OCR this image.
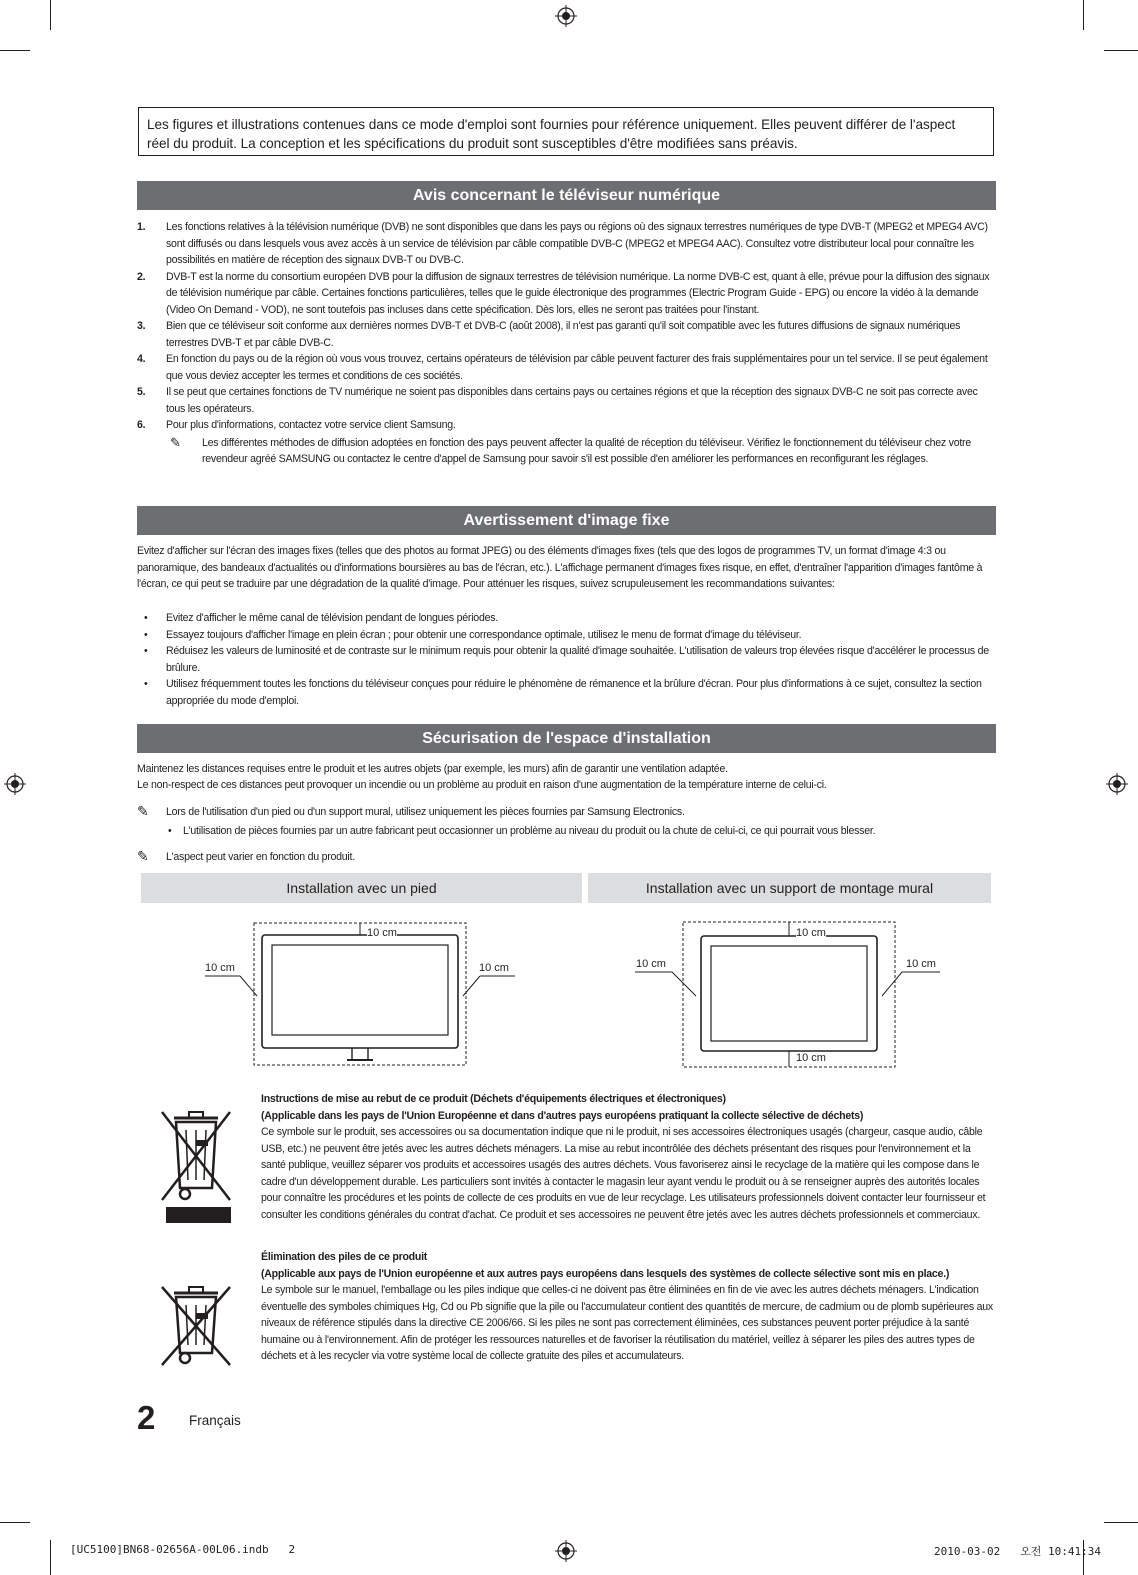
Les figures et illustrations contenues dans ce mode d'emploi sont fournies pour référence uniquement. Elles peuvent différer de l'aspect
réel du produit. La conception et les spécifications du produit sont susceptibles d'être modifiées sans préavis.
Avis concernant le téléviseur numérique
1. Les fonctions relatives à la télévision numérique (DVB) ne sont disponibles que dans les pays ou régions où des signaux terrestres numériques de type DVB-T (MPEG2 et MPEG4 AVC) sont diffusés ou dans lesquels vous avez accès à un service de télévision par câble compatible DVB-C (MPEG2 et MPEG4 AAC). Consultez votre distributeur local pour connaître les possibilités en matière de réception des signaux DVB-T ou DVB-C.
2. DVB-T est la norme du consortium européen DVB pour la diffusion de signaux terrestres de télévision numérique. La norme DVB-C est, quant à elle, prévue pour la diffusion des signaux de télévision numérique par câble. Certaines fonctions particulières, telles que le guide électronique des programmes (Electric Program Guide - EPG) ou encore la vidéo à la demande (Video On Demand - VOD), ne sont toutefois pas incluses dans cette spécification. Dès lors, elles ne seront pas traitées pour l'instant.
3. Bien que ce téléviseur soit conforme aux dernières normes DVB-T et DVB-C (août 2008), il n'est pas garanti qu'il soit compatible avec les futures diffusions de signaux numériques terrestres DVB-T et par câble DVB-C.
4. En fonction du pays ou de la région où vous vous trouvez, certains opérateurs de télévision par câble peuvent facturer des frais supplémentaires pour un tel service. Il se peut également que vous deviez accepter les termes et conditions de ces sociétés.
5. Il se peut que certaines fonctions de TV numérique ne soient pas disponibles dans certains pays ou certaines régions et que la réception des signaux DVB-C ne soit pas correcte avec tous les opérateurs.
6. Pour plus d'informations, contactez votre service client Samsung.
✎ Les différentes méthodes de diffusion adoptées en fonction des pays peuvent affecter la qualité de réception du téléviseur. Vérifiez le fonctionnement du téléviseur chez votre revendeur agréé SAMSUNG ou contactez le centre d'appel de Samsung pour savoir s'il est possible d'en améliorer les performances en reconfigurant les réglages.
Avertissement d'image fixe
Evitez d'afficher sur l'écran des images fixes (telles que des photos au format JPEG) ou des éléments d'images fixes (tels que des logos de programmes TV, un format d'image 4:3 ou panoramique, des bandeaux d'actualités ou d'informations boursières au bas de l'écran, etc.). L'affichage permanent d'images fixes risque, en effet, d'entraîner l'apparition d'images fantôme à l'écran, ce qui peut se traduire par une dégradation de la qualité d'image. Pour atténuer les risques, suivez scrupuleusement les recommandations suivantes:
• Evitez d'afficher le même canal de télévision pendant de longues périodes.
• Essayez toujours d'afficher l'image en plein écran ; pour obtenir une correspondance optimale, utilisez le menu de format d'image du téléviseur.
• Réduisez les valeurs de luminosité et de contraste sur le minimum requis pour obtenir la qualité d'image souhaitée. L'utilisation de valeurs trop élevées risque d'accélérer le processus de brûlure.
• Utilisez fréquemment toutes les fonctions du téléviseur conçues pour réduire le phénomène de rémanence et la brûlure d'écran. Pour plus d'informations à ce sujet, consultez la section appropriée du mode d'emploi.
Sécurisation de l'espace d'installation
Maintenez les distances requises entre le produit et les autres objets (par exemple, les murs) afin de garantir une ventilation adaptée.
Le non-respect de ces distances peut provoquer un incendie ou un problème au produit en raison d'une augmentation de la température interne de celui-ci.
✎ Lors de l'utilisation d'un pied ou d'un support mural, utilisez uniquement les pièces fournies par Samsung Electronics.
• L'utilisation de pièces fournies par un autre fabricant peut occasionner un problème au niveau du produit ou la chute de celui-ci, ce qui pourrait vous blesser.
✎ L'aspect peut varier en fonction du produit.
Installation avec un pied	Installation avec un support de montage mural
10 cm
10 cm	10 cm
10 cm
10 cm	10 cm
10 cm
Instructions de mise au rebut de ce produit (Déchets d'équipements électriques et électroniques)
(Applicable dans les pays de l'Union Européenne et dans d'autres pays européens pratiquant la collecte sélective de déchets)
Ce symbole sur le produit, ses accessoires ou sa documentation indique que ni le produit, ni ses accessoires électroniques usagés (chargeur, casque audio, câble USB, etc.) ne peuvent être jetés avec les autres déchets ménagers. La mise au rebut incontrôlée des déchets présentant des risques pour l'environnement et la santé publique, veuillez séparer vos produits et accessoires usagés des autres déchets. Vous favoriserez ainsi le recyclage de la matière qui les compose dans le cadre d'un développement durable. Les particuliers sont invités à contacter le magasin leur ayant vendu le produit ou à se renseigner auprès des autorités locales pour connaître les procédures et les points de collecte de ces produits en vue de leur recyclage. Les utilisateurs professionnels doivent contacter leur fournisseur et consulter les conditions générales du contrat d'achat. Ce produit et ses accessoires ne peuvent être jetés avec les autres déchets professionnels et commerciaux.
Élimination des piles de ce produit
(Applicable aux pays de l'Union européenne et aux autres pays européens dans lesquels des systèmes de collecte sélective sont mis en place.)
Le symbole sur le manuel, l'emballage ou les piles indique que celles-ci ne doivent pas être éliminées en fin de vie avec les autres déchets ménagers. L'indication éventuelle des symboles chimiques Hg, Cd ou Pb signifie que la pile ou l'accumulateur contient des quantités de mercure, de cadmium ou de plomb supérieures aux niveaux de référence stipulés dans la directive CE 2006/66. Si les piles ne sont pas correctement éliminées, ces substances peuvent porter préjudice à la santé humaine ou à l'environnement. Afin de protéger les ressources naturelles et de favoriser la réutilisation du matériel, veillez à séparer les piles des autres types de déchets et à les recycler via votre système local de collecte gratuite des piles et accumulateurs.
2 Français
[UC5100]BN68-02656A-00L06.indb   2	2010-03-02   오전 10:41:34
